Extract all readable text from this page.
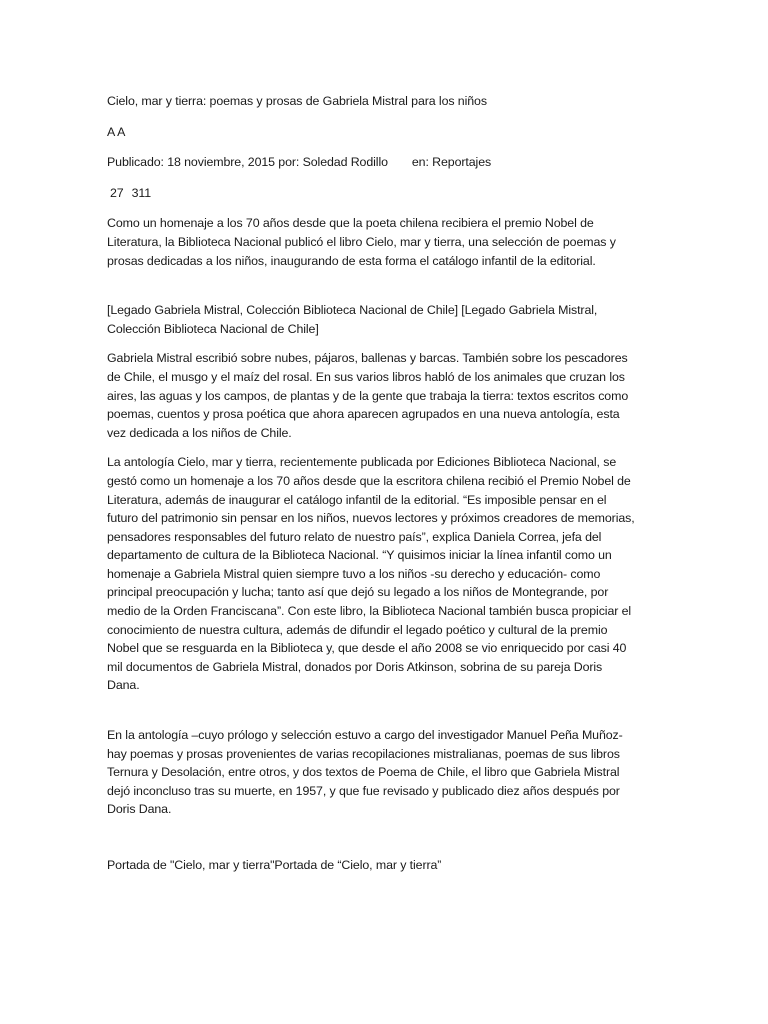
Cielo, mar y tierra: poemas y prosas de Gabriela Mistral para los niños

A A

Publicado: 18 noviembre, 2015 por: Soledad Rodillo en: Reportajes

27 311

Como un homenaje a los 70 años desde que la poeta chilena recibiera el premio Nobel de Literatura, la Biblioteca Nacional publicó el libro Cielo, mar y tierra, una selección de poemas y prosas dedicadas a los niños, inaugurando de esta forma el catálogo infantil de la editorial.

[Legado Gabriela Mistral, Colección Biblioteca Nacional de Chile] [Legado Gabriela Mistral, Colección Biblioteca Nacional de Chile]

Gabriela Mistral escribió sobre nubes, pájaros, ballenas y barcas. También sobre los pescadores de Chile, el musgo y el maíz del rosal. En sus varios libros habló de los animales que cruzan los aires, las aguas y los campos, de plantas y de la gente que trabaja la tierra: textos escritos como poemas, cuentos y prosa poética que ahora aparecen agrupados en una nueva antología, esta vez dedicada a los niños de Chile.

La antología Cielo, mar y tierra, recientemente publicada por Ediciones Biblioteca Nacional, se gestó como un homenaje a los 70 años desde que la escritora chilena recibió el Premio Nobel de Literatura, además de inaugurar el catálogo infantil de la editorial. “Es imposible pensar en el futuro del patrimonio sin pensar en los niños, nuevos lectores y próximos creadores de memorias, pensadores responsables del futuro relato de nuestro país”, explica Daniela Correa, jefa del departamento de cultura de la Biblioteca Nacional. “Y quisimos iniciar la línea infantil como un homenaje a Gabriela Mistral quien siempre tuvo a los niños -su derecho y educación- como principal preocupación y lucha; tanto así que dejó su legado a los niños de Montegrande, por medio de la Orden Franciscana”. Con este libro, la Biblioteca Nacional también busca propiciar el conocimiento de nuestra cultura, además de difundir el legado poético y cultural de la premio Nobel que se resguarda en la Biblioteca y, que desde el año 2008 se vio enriquecido por casi 40 mil documentos de Gabriela Mistral, donados por Doris Atkinson, sobrina de su pareja Doris Dana.

En la antología –cuyo prólogo y selección estuvo a cargo del investigador Manuel Peña Muñoz- hay poemas y prosas provenientes de varias recopilaciones mistralianas, poemas de sus libros Ternura y Desolación, entre otros, y dos textos de Poema de Chile, el libro que Gabriela Mistral dejó inconcluso tras su muerte, en 1957, y que fue revisado y publicado diez años después por Doris Dana.

Portada de "Cielo, mar y tierra"Portada de “Cielo, mar y tierra”
